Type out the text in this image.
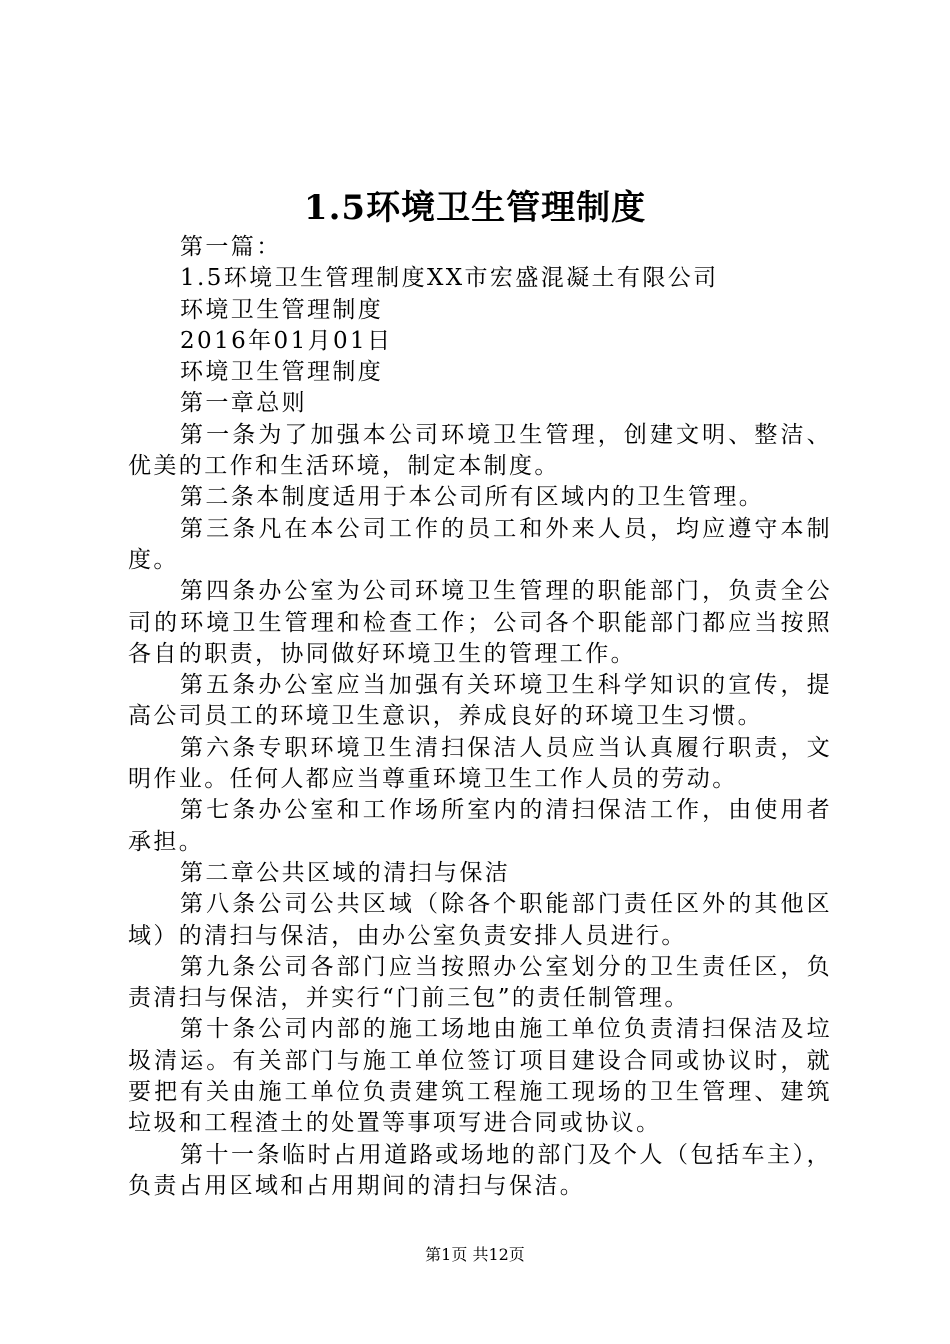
1.5环境卫生管理制度

第一篇：

1.5环境卫生管理制度XX市宏盛混凝土有限公司

环境卫生管理制度

2016年01月01日

环境卫生管理制度

第一章总则

第一条为了加强本公司环境卫生管理，创建文明、整洁、优美的工作和生活环境，制定本制度。

第二条本制度适用于本公司所有区域内的卫生管理。

第三条凡在本公司工作的员工和外来人员，均应遵守本制度。

第四条办公室为公司环境卫生管理的职能部门，负责全公司的环境卫生管理和检查工作；公司各个职能部门都应当按照各自的职责，协同做好环境卫生的管理工作。

第五条办公室应当加强有关环境卫生科学知识的宣传，提高公司员工的环境卫生意识，养成良好的环境卫生习惯。

第六条专职环境卫生清扫保洁人员应当认真履行职责，文明作业。任何人都应当尊重环境卫生工作人员的劳动。

第七条办公室和工作场所室内的清扫保洁工作，由使用者承担。

第二章公共区域的清扫与保洁

第八条公司公共区域（除各个职能部门责任区外的其他区域）的清扫与保洁，由办公室负责安排人员进行。

第九条公司各部门应当按照办公室划分的卫生责任区，负责清扫与保洁，并实行“门前三包”的责任制管理。

第十条公司内部的施工场地由施工单位负责清扫保洁及垃圾清运。有关部门与施工单位签订项目建设合同或协议时，就要把有关由施工单位负责建筑工程施工现场的卫生管理、建筑垃圾和工程渣土的处置等事项写进合同或协议。

第十一条临时占用道路或场地的部门及个人（包括车主），负责占用区域和占用期间的清扫与保洁。

第1页 共12页
